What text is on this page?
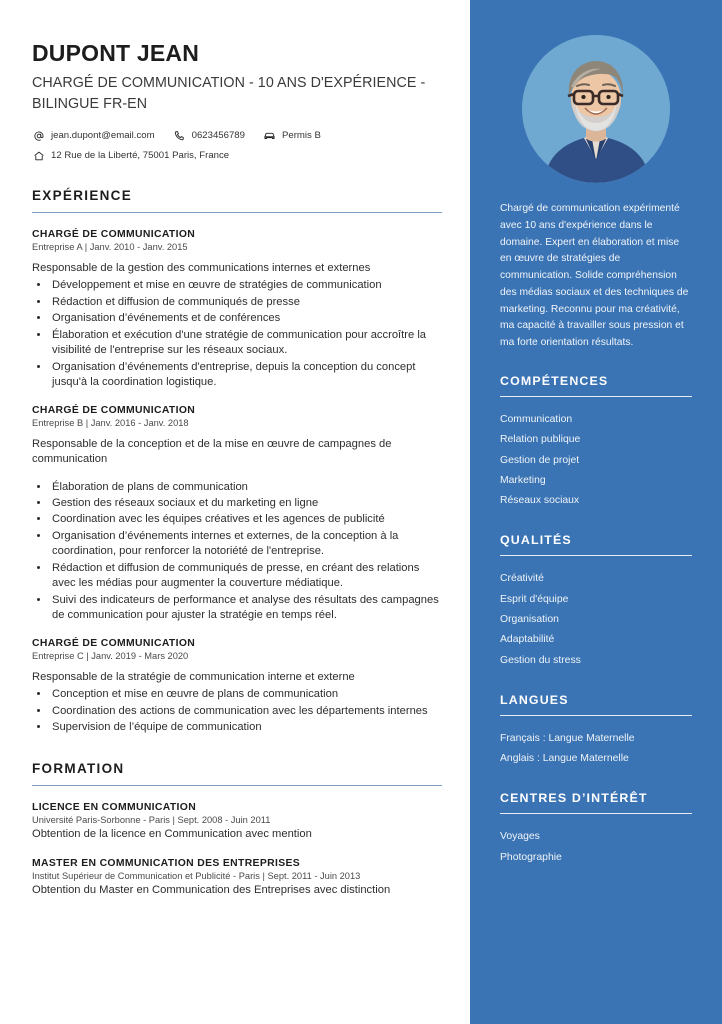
DUPONT JEAN
CHARGÉ DE COMMUNICATION - 10 ANS D'EXPÉRIENCE - BILINGUE FR-EN
jean.dupont@email.com	0623456789	Permis B
12 Rue de la Liberté, 75001 Paris, France
EXPÉRIENCE
CHARGÉ DE COMMUNICATION
Entreprise A | Janv. 2010 - Janv. 2015

Responsable de la gestion des communications internes et externes

• Développement et mise en œuvre de stratégies de communication
• Rédaction et diffusion de communiqués de presse
• Organisation d’événements et de conférences
• Élaboration et exécution d'une stratégie de communication pour accroître la visibilité de l'entreprise sur les réseaux sociaux.
• Organisation d’événements d'entreprise, depuis la conception du concept jusqu'à la coordination logistique.
CHARGÉ DE COMMUNICATION
Entreprise B | Janv. 2016 - Janv. 2018

Responsable de la conception et de la mise en œuvre de campagnes de communication

• Élaboration de plans de communication
• Gestion des réseaux sociaux et du marketing en ligne
• Coordination avec les équipes créatives et les agences de publicité
• Organisation d’événements internes et externes, de la conception à la coordination, pour renforcer la notoriété de l'entreprise.
• Rédaction et diffusion de communiqués de presse, en créant des relations avec les médias pour augmenter la couverture médiatique.
• Suivi des indicateurs de performance et analyse des résultats des campagnes de communication pour ajuster la stratégie en temps réel.
CHARGÉ DE COMMUNICATION
Entreprise C | Janv. 2019 - Mars 2020

Responsable de la stratégie de communication interne et externe

• Conception et mise en œuvre de plans de communication
• Coordination des actions de communication avec les départements internes
• Supervision de l’équipe de communication
FORMATION
LICENCE EN COMMUNICATION
Université Paris-Sorbonne - Paris | Sept. 2008 - Juin 2011
Obtention de la licence en Communication avec mention
MASTER EN COMMUNICATION DES ENTREPRISES
Institut Supérieur de Communication et Publicité - Paris | Sept. 2011 - Juin 2013
Obtention du Master en Communication des Entreprises avec distinction
Chargé de communication expérimenté avec 10 ans d'expérience dans le domaine. Expert en élaboration et mise en œuvre de stratégies de communication. Solide compréhension des médias sociaux et des techniques de marketing. Reconnu pour ma créativité, ma capacité à travailler sous pression et ma forte orientation résultats.
COMPÉTENCES
Communication
Relation publique
Gestion de projet
Marketing
Réseaux sociaux
QUALITÉS
Créativité
Esprit d'équipe
Organisation
Adaptabilité
Gestion du stress
LANGUES
Français : Langue Maternelle
Anglais : Langue Maternelle
CENTRES D’INTÉRÊT
Voyages
Photographie
